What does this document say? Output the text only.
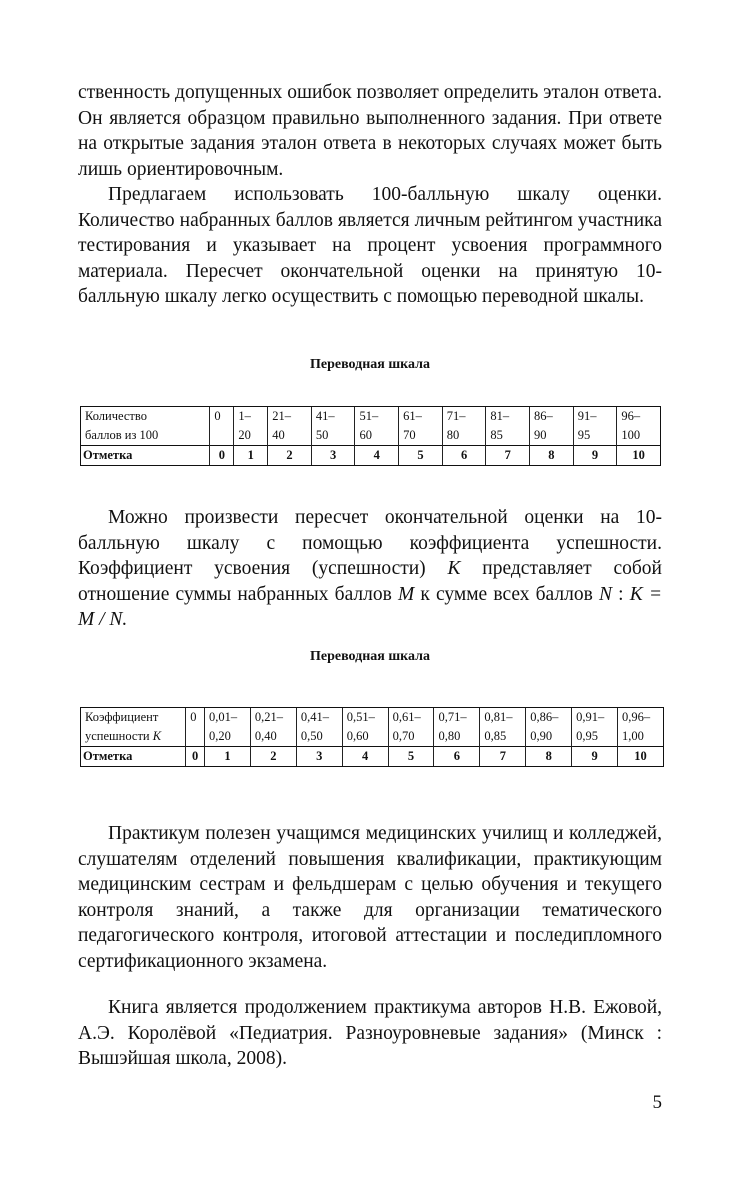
ственность допущенных ошибок позволяет определить эталон ответа. Он является образцом правильно выполненного задания. При ответе на открытые задания эталон ответа в некоторых случаях может быть лишь ориентировочным.

Предлагаем использовать 100-балльную шкалу оценки. Количество набранных баллов является личным рейтингом участника тестирования и указывает на процент усвоения программного материала. Пересчет окончательной оценки на принятую 10-балльную шкалу легко осуществить с помощью переводной шкалы.

Переводная шкала

Количество	0	1–	21–	41–	51–	61–	71–	81–	86–	91–	96–
баллов из 100		20	40	50	60	70	80	85	90	95	100
Отметка	0	1	2	3	4	5	6	7	8	9	10

Можно произвести пересчет окончательной оценки на 10-балльную шкалу с помощью коэффициента успешности. Коэффициент усвоения (успешности) K представляет собой отношение суммы набранных баллов M к сумме всех баллов N : K = M / N.

Переводная шкала

Коэффициент	0	0,01–	0,21–	0,41–	0,51–	0,61–	0,71–	0,81–	0,86–	0,91–	0,96–
успешности K		0,20	0,40	0,50	0,60	0,70	0,80	0,85	0,90	0,95	1,00
Отметка	0	1	2	3	4	5	6	7	8	9	10

Практикум полезен учащимся медицинских училищ и колледжей, слушателям отделений повышения квалификации, практикующим медицинским сестрам и фельдшерам с целью обучения и текущего контроля знаний, а также для организации тематического педагогического контроля, итоговой аттестации и последипломного сертификационного экзамена.

Книга является продолжением практикума авторов Н.В. Ежовой, А.Э. Королёвой «Педиатрия. Разноуровневые задания» (Минск : Вышэйшая школа, 2008).

5
